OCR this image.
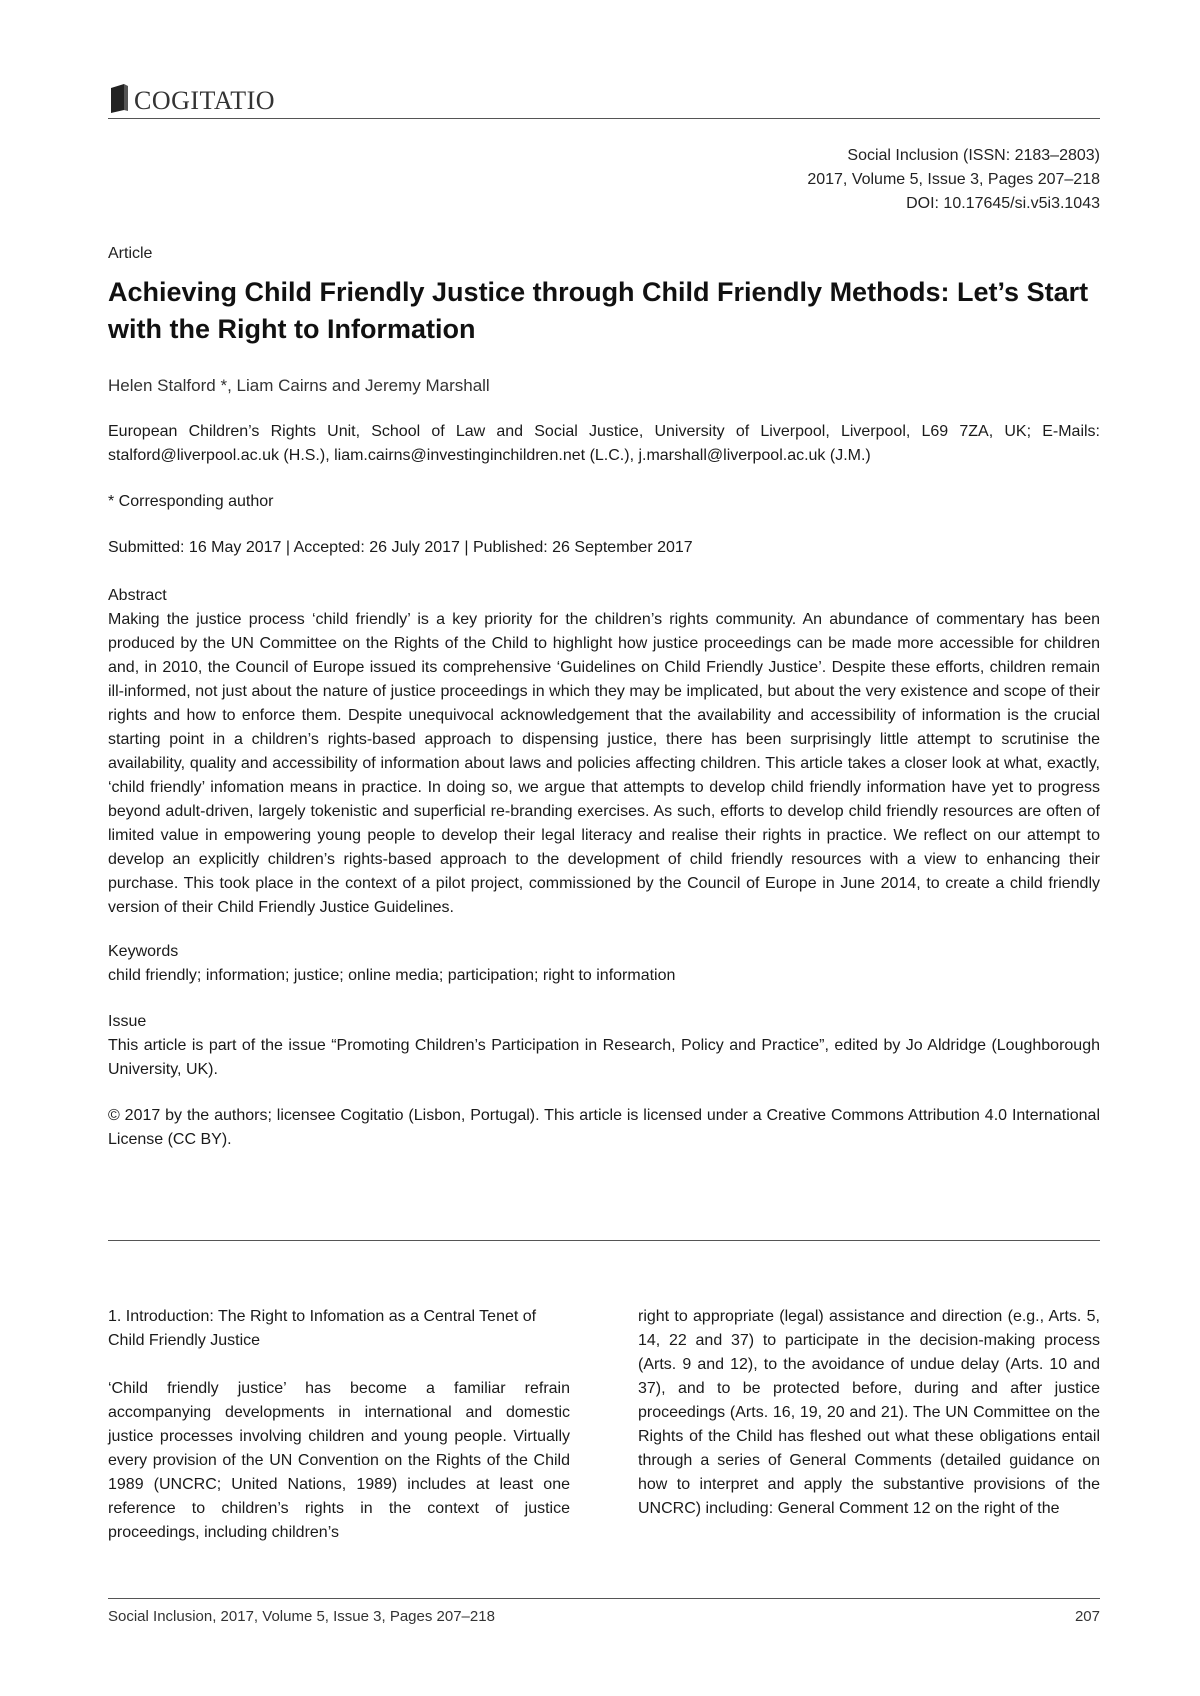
COGITATIO
Social Inclusion (ISSN: 2183–2803)
2017, Volume 5, Issue 3, Pages 207–218
DOI: 10.17645/si.v5i3.1043
Article
Achieving Child Friendly Justice through Child Friendly Methods: Let’s Start with the Right to Information
Helen Stalford *, Liam Cairns and Jeremy Marshall
European Children’s Rights Unit, School of Law and Social Justice, University of Liverpool, Liverpool, L69 7ZA, UK; E-Mails: stalford@liverpool.ac.uk (H.S.), liam.cairns@investinginchildren.net (L.C.), j.marshall@liverpool.ac.uk (J.M.)
* Corresponding author
Submitted: 16 May 2017 | Accepted: 26 July 2017 | Published: 26 September 2017
Abstract
Making the justice process ‘child friendly’ is a key priority for the children’s rights community. An abundance of commentary has been produced by the UN Committee on the Rights of the Child to highlight how justice proceedings can be made more accessible for children and, in 2010, the Council of Europe issued its comprehensive ‘Guidelines on Child Friendly Justice’. Despite these efforts, children remain ill-informed, not just about the nature of justice proceedings in which they may be implicated, but about the very existence and scope of their rights and how to enforce them. Despite unequivocal acknowledgement that the availability and accessibility of information is the crucial starting point in a children’s rights-based approach to dispensing justice, there has been surprisingly little attempt to scrutinise the availability, quality and accessibility of information about laws and policies affecting children. This article takes a closer look at what, exactly, ‘child friendly’ infomation means in practice. In doing so, we argue that attempts to develop child friendly information have yet to progress beyond adult-driven, largely tokenistic and superficial re-branding exercises. As such, efforts to develop child friendly resources are often of limited value in empowering young people to develop their legal literacy and realise their rights in practice. We reflect on our attempt to develop an explicitly children’s rights-based approach to the development of child friendly resources with a view to enhancing their purchase. This took place in the context of a pilot project, commissioned by the Council of Europe in June 2014, to create a child friendly version of their Child Friendly Justice Guidelines.
Keywords
child friendly; information; justice; online media; participation; right to information
Issue
This article is part of the issue “Promoting Children’s Participation in Research, Policy and Practice”, edited by Jo Aldridge (Loughborough University, UK).
© 2017 by the authors; licensee Cogitatio (Lisbon, Portugal). This article is licensed under a Creative Commons Attribution 4.0 International License (CC BY).
1. Introduction: The Right to Infomation as a Central Tenet of Child Friendly Justice
‘Child friendly justice’ has become a familiar refrain accompanying developments in international and domestic justice processes involving children and young people. Virtually every provision of the UN Convention on the Rights of the Child 1989 (UNCRC; United Nations, 1989) includes at least one reference to children’s rights in the context of justice proceedings, including children’s
right to appropriate (legal) assistance and direction (e.g., Arts. 5, 14, 22 and 37) to participate in the decision-making process (Arts. 9 and 12), to the avoidance of undue delay (Arts. 10 and 37), and to be protected before, during and after justice proceedings (Arts. 16, 19, 20 and 21). The UN Committee on the Rights of the Child has fleshed out what these obligations entail through a series of General Comments (detailed guidance on how to interpret and apply the substantive provisions of the UNCRC) including: General Comment 12 on the right of the
Social Inclusion, 2017, Volume 5, Issue 3, Pages 207–218	207
